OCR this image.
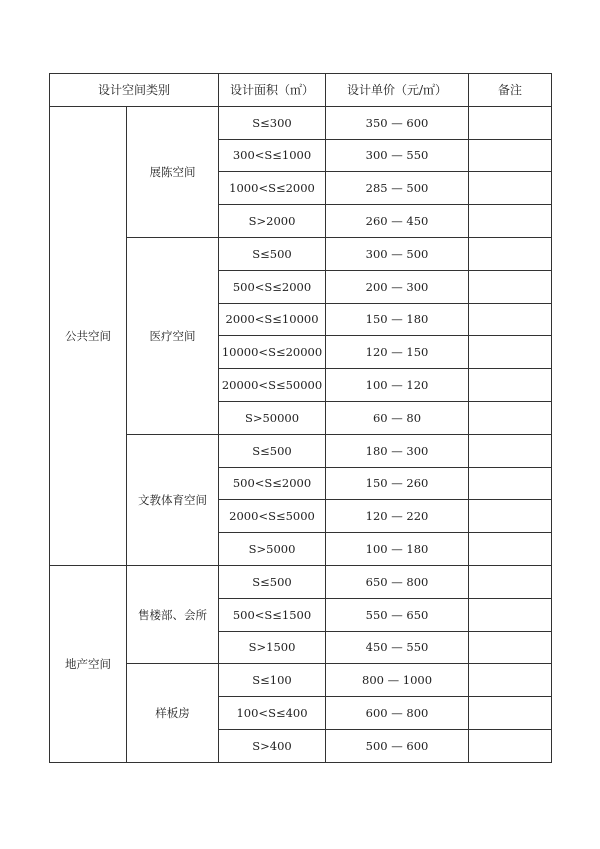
设计空间类别		设计面积（㎡）	设计单价（元/㎡）	备注
公共空间	展陈空间	S≤300	350 — 600	
		300<S≤1000	300 — 550	
		1000<S≤2000	285 — 500	
		S>2000	260 — 450	
	医疗空间	S≤500	300 — 500	
		500<S≤2000	200 — 300	
		2000<S≤10000	150 — 180	
		10000<S≤20000	120 — 150	
		20000<S≤50000	100 — 120	
		S>50000	60 — 80	
	文教体育空间	S≤500	180 — 300	
		500<S≤2000	150 — 260	
		2000<S≤5000	120 — 220	
		S>5000	100 — 180	
地产空间	售楼部、会所	S≤500	650 — 800	
		500<S≤1500	550 — 650	
		S>1500	450 — 550	
	样板房	S≤100	800 — 1000	
		100<S≤400	600 — 800	
		S>400	500 — 600	
